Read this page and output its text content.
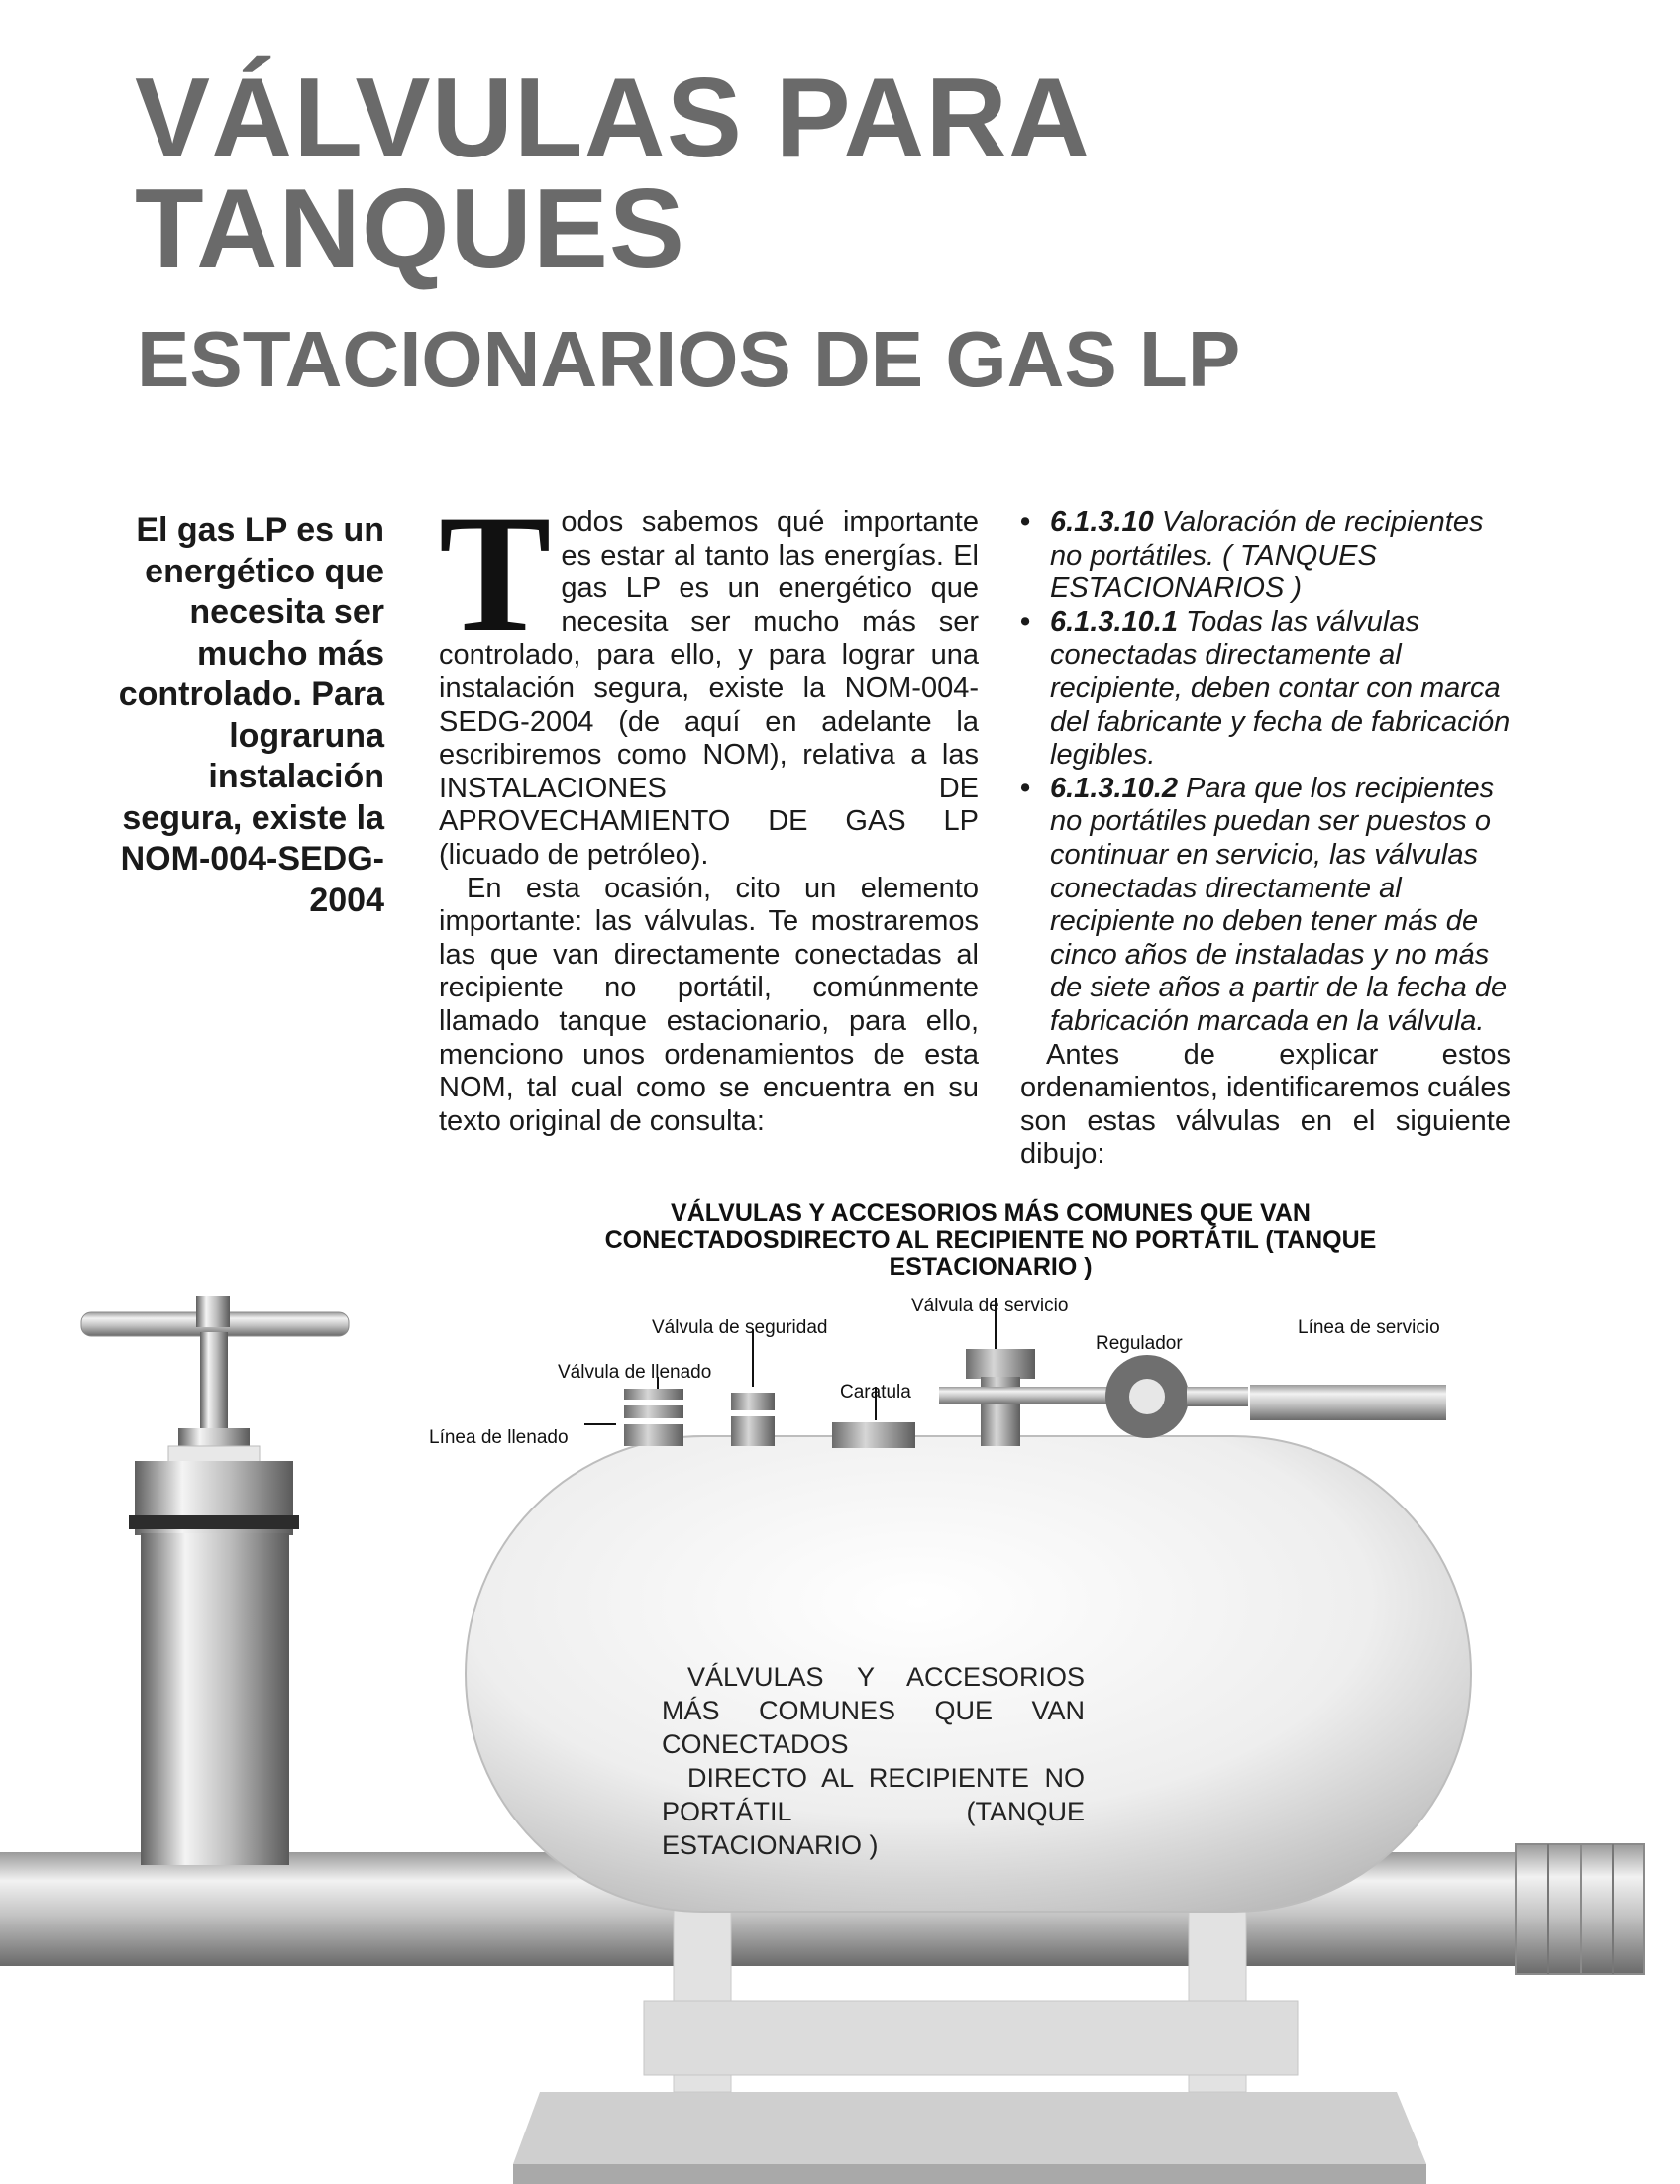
VÁLVULAS PARA
TANQUES
ESTACIONARIOS DE GAS LP
El gas LP es un energético que necesita ser mucho más controlado. Para lograruna instalación segura, existe la NOM-004-SEDG-2004
T odos sabemos qué importante es estar al tanto las energías. El gas LP es un energético que necesita ser mucho más ser controlado, para ello, y para lograr una instalación segura, existe la NOM-004-SEDG-2004 (de aquí en adelante la escribiremos como NOM), relativa a las INSTALACIONES DE APROVECHAMIENTO DE GAS LP (licuado de petróleo).

En esta ocasión, cito un elemento importante: las válvulas. Te mostraremos las que van directamente conectadas al recipiente no portátil, comúnmente llamado tanque estacionario, para ello, menciono unos ordenamientos de esta NOM, tal cual como se encuentra en su texto original de consulta:

• 6.1.3.10 Valoración de recipientes no portátiles. ( TANQUES ESTACIONARIOS )
• 6.1.3.10.1 Todas las válvulas conectadas directamente al recipiente, deben contar con marca del fabricante y fecha de fabricación legibles.
• 6.1.3.10.2 Para que los recipientes no portátiles puedan ser puestos o continuar en servicio, las válvulas conectadas directamente al recipiente no deben tener más de cinco años de instaladas y no más de siete años a partir de la fecha de fabricación marcada en la válvula.

Antes de explicar estos ordenamientos, identificaremos cuáles son estas válvulas en el siguiente dibujo:

VÁLVULAS Y ACCESORIOS MÁS COMUNES QUE VAN CONECTADOSDIRECTO AL RECIPIENTE NO PORTÁTIL (TANQUE ESTACIONARIO )
Línea de llenado
Válvula de llenado
Válvula de seguridad
Caratula
Válvula de servicio
Regulador
Línea de servicio

VÁLVULAS Y ACCESORIOS MÁS COMUNES QUE VAN CONECTADOS

DIRECTO AL RECIPIENTE NO PORTÁTIL (TANQUE ESTACIONARIO )
